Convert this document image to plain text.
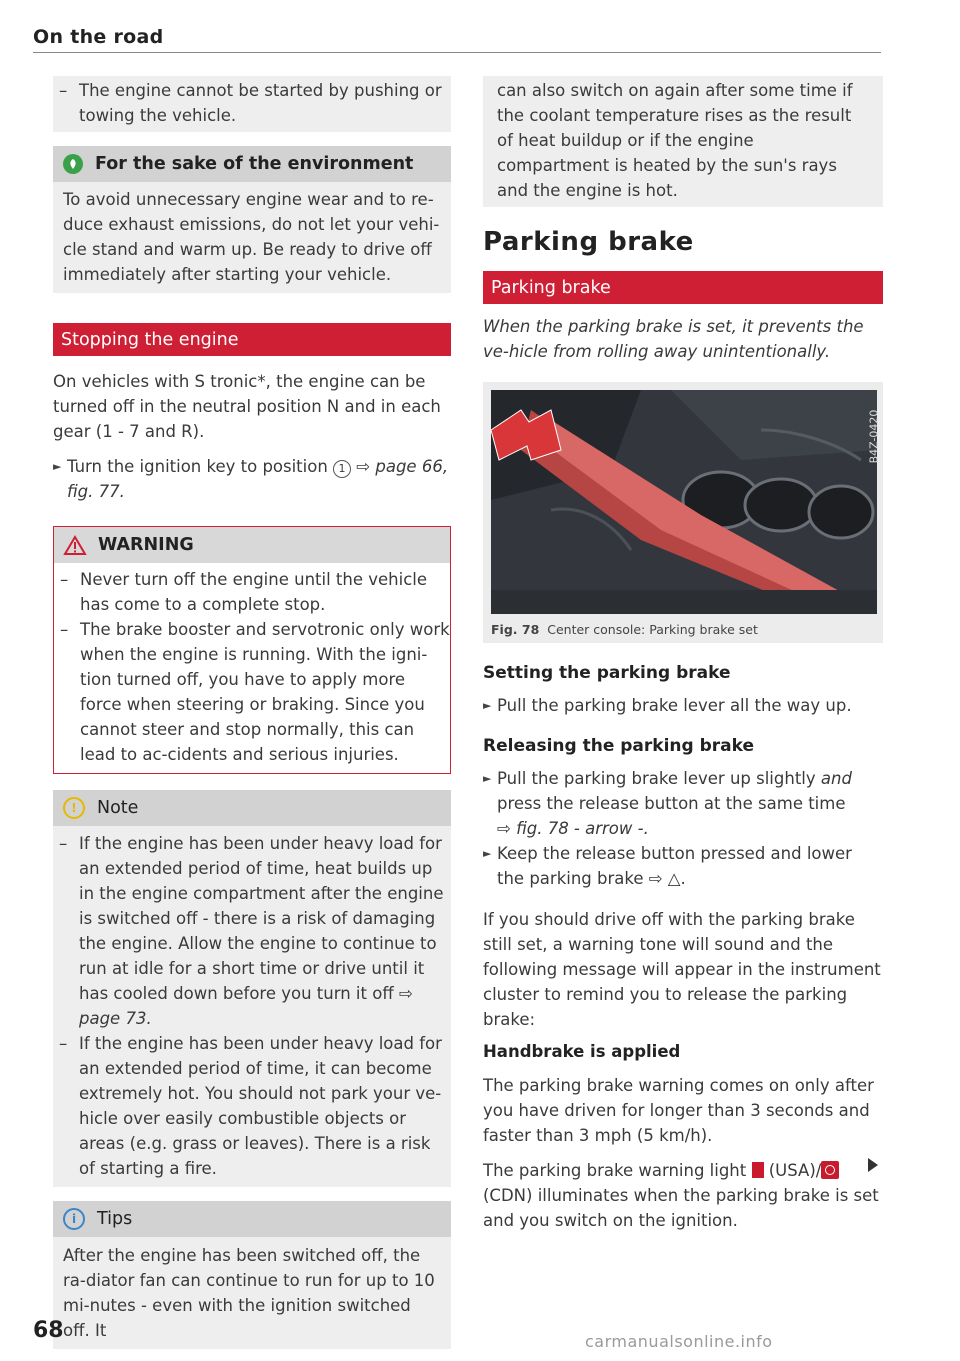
On the road
– The engine cannot be started by pushing or towing the vehicle.
For the sake of the environment

To avoid unnecessary engine wear and to re-duce exhaust emissions, do not let your vehi-cle stand and warm up. Be ready to drive off immediately after starting your vehicle.

Stopping the engine

On vehicles with S tronic*, the engine can be turned off in the neutral position N and in each gear (1 - 7 and R).

► Turn the ignition key to position 1 ⇨ page 66, fig. 77.
WARNING
– Never turn off the engine until the vehicle has come to a complete stop.
– The brake booster and servotronic only work when the engine is running. With the igni-tion turned off, you have to apply more force when steering or braking. Since you cannot steer and stop normally, this can lead to ac-cidents and serious injuries.
!	Note
– If the engine has been under heavy load for an extended period of time, heat builds up in the engine compartment after the engine is switched off - there is a risk of damaging the engine. Allow the engine to continue to run at idle for a short time or drive until it has cooled down before you turn it off ⇨ page 73.
– If the engine has been under heavy load for an extended period of time, it can become extremely hot. You should not park your ve-hicle over easily combustible objects or areas (e.g. grass or leaves). There is a risk of starting a fire.
i	Tips

After the engine has been switched off, the ra-diator fan can continue to run for up to 10 mi-nutes - even with the ignition switched off. It

can also switch on again after some time if the coolant temperature rises as the result of heat buildup or if the engine compartment is heated by the sun's rays and the engine is hot.

Parking brake
Parking brake

When the parking brake is set, it prevents the ve-hicle from rolling away unintentionally.

B4Z-0420
Fig. 78 Center console: Parking brake set
Setting the parking brake
► Pull the parking brake lever all the way up.
Releasing the parking brake
► Pull the parking brake lever up slightly and press the release button at the same time
⇨ fig. 78 - arrow -.
► Keep the release button pressed and lower the parking brake ⇨ △.

If you should drive off with the parking brake still set, a warning tone will sound and the following message will appear in the instrument cluster to remind you to release the parking brake:

Handbrake is applied

The parking brake warning comes on only after you have driven for longer than 3 seconds and faster than 3 mph (5 km/h).

The parking brake warning light (USA)/ (CDN) illuminates when the parking brake is set and you switch on the ignition.

68	carmanualsonline.info
